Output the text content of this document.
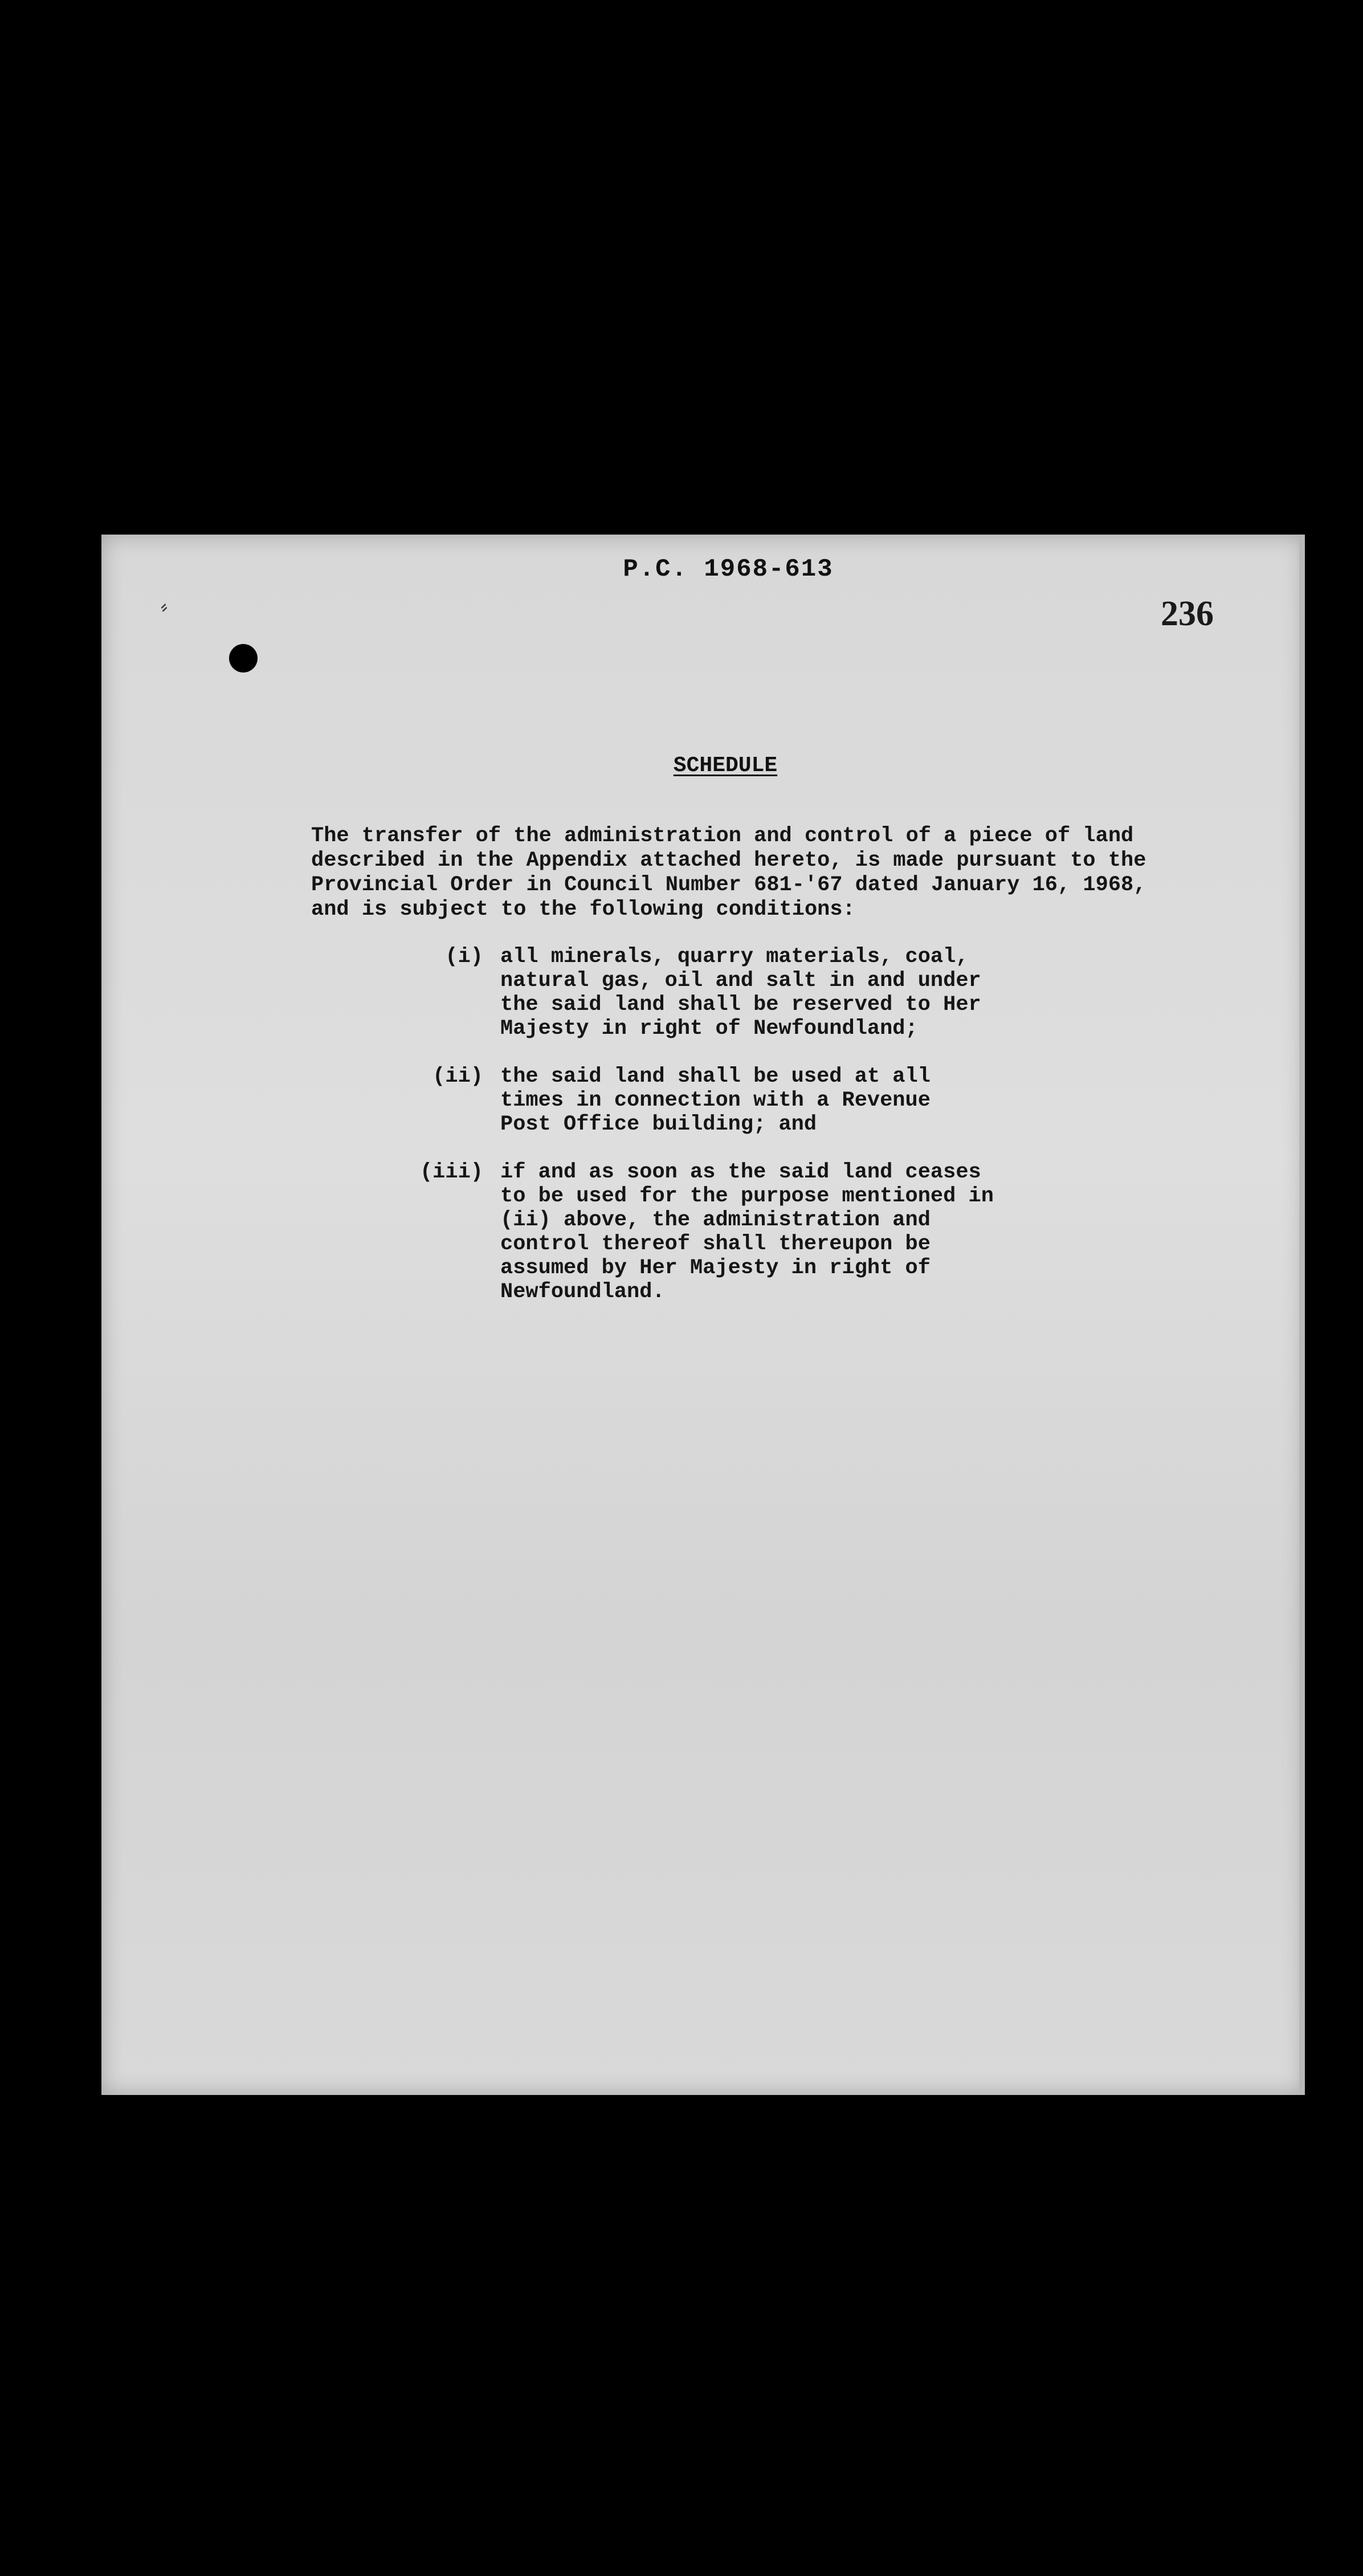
P.C. 1968-613
236
⸗
SCHEDULE
The transfer of the administration and control of a piece of land
described in the Appendix attached hereto, is made pursuant to the
Provincial Order in Council Number 681-'67 dated January 16, 1968,
and is subject to the following conditions:
(i) all minerals, quarry materials, coal,
natural gas, oil and salt in and under
the said land shall be reserved to Her
Majesty in right of Newfoundland;
(ii) the said land shall be used at all
times in connection with a Revenue
Post Office building; and
(iii) if and as soon as the said land ceases
to be used for the purpose mentioned in
(ii) above, the administration and
control thereof shall thereupon be
assumed by Her Majesty in right of
Newfoundland.
